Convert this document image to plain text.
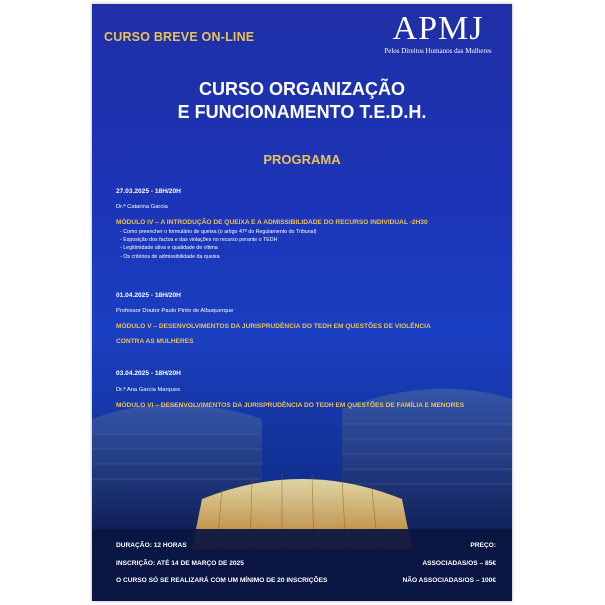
CURSO BREVE ON-LINE	APMJ
Pelos Direitos Humanos das Mulheres
CURSO ORGANIZAÇÃO
E FUNCIONAMENTO T.E.D.H.
PROGRAMA
27.03.2025 - 18H/20H
Dr.ª Catarina Garcia
MÓDULO IV – A INTRODUÇÃO DE QUEIXA E A ADMISSIBILIDADE DO RECURSO INDIVIDUAL -2H30
- Como preencher o formulário de queixa (o artigo 47º do Regulamento do Tribunal)
- Exposição dos factos e das violações no recurso perante o TEDH
- Legitimidade ativa e qualidade de vítima
- Os critérios de admissibilidade da queixa
01.04.2025 - 18H/20H
Professor Doutor Paulo Pinto de Albuquerque
MÓDULO V – DESENVOLVIMENTOS DA JURISPRUDÊNCIA DO TEDH EM QUESTÕES DE VIOLÊNCIA
CONTRA AS MULHERES
03.04.2025 - 18H/20H
Dr.ª Ana Garcia Marques
MÓDULO VI – DESENVOLVIMENTOS DA JURISPRUDÊNCIA DO TEDH EM QUESTÕES DE FAMÍLIA E MENORES
DURAÇÃO: 12 HORAS
INSCRIÇÃO: ATÉ 14 DE MARÇO DE 2025
O CURSO SÓ SE REALIZARÁ COM UM MÍNIMO DE 20 INSCRIÇÕES
PREÇO:
ASSOCIADAS/OS – 85€
NÃO ASSOCIADAS/OS – 100€
